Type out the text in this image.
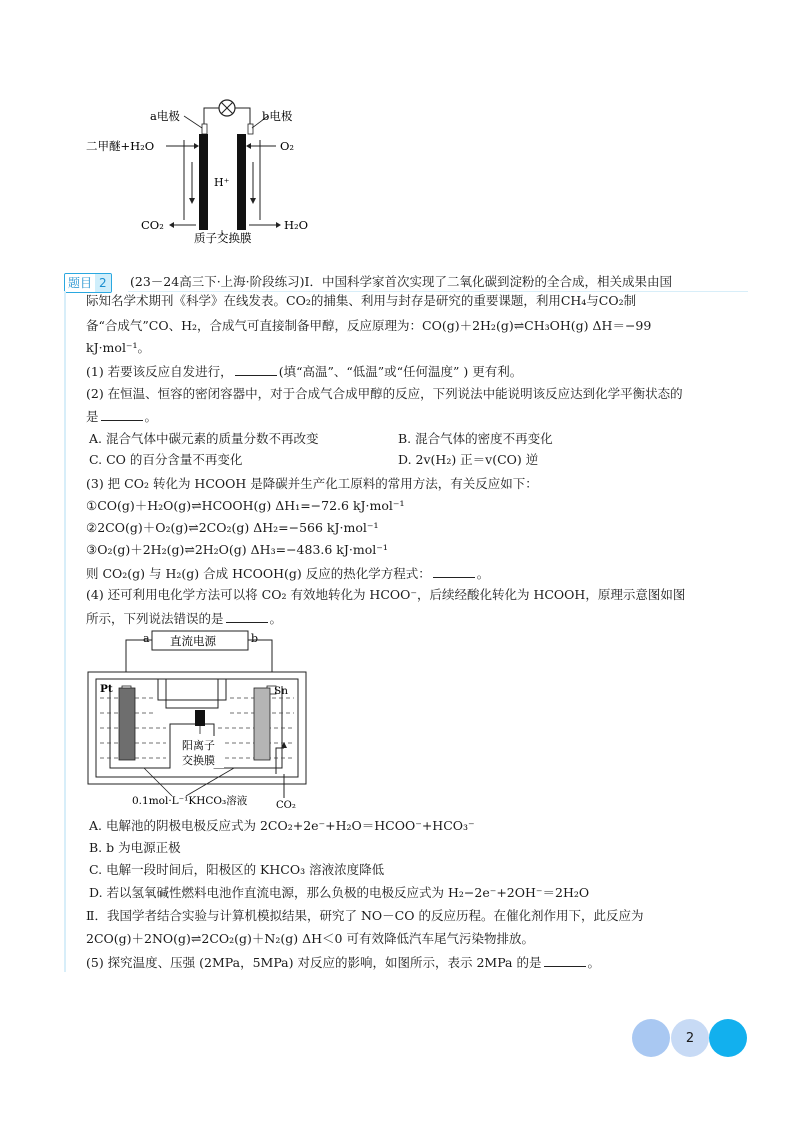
a电极	b电极
二甲醚+H₂O	O₂
H⁺
CO₂	H₂O
质子交换膜
题目 2	(23－24高三下·上海·阶段练习)I．中国科学家首次实现了二氧化碳到淀粉的全合成，相关成果由国
际知名学术期刊《科学》在线发表。CO₂的捕集、利用与封存是研究的重要课题，利用CH₄与CO₂制
备“合成气”CO、H₂，合成气可直接制备甲醇，反应原理为：CO(g)＋2H₂(g)⇌CH₃OH(g) ΔH＝−99
kJ·mol⁻¹。
(1) 若要该反应自发进行，	(填“高温”、“低温”或“任何温度” ) 更有利。
(2) 在恒温、恒容的密闭容器中，对于合成气合成甲醇的反应，下列说法中能说明该反应达到化学平衡状态的
是	。
A. 混合气体中碳元素的质量分数不再改变	B. 混合气体的密度不再变化
C. CO 的百分含量不再变化	D. 2v(H₂) 正＝v(CO) 逆
(3) 把 CO₂ 转化为 HCOOH 是降碳并生产化工原料的常用方法，有关反应如下：
①CO(g)＋H₂O(g)⇌HCOOH(g) ΔH₁=−72.6 kJ·mol⁻¹
②2CO(g)＋O₂(g)⇌2CO₂(g) ΔH₂=−566 kJ·mol⁻¹
③O₂(g)＋2H₂(g)⇌2H₂O(g) ΔH₃=−483.6 kJ·mol⁻¹
则 CO₂(g) 与 H₂(g) 合成 HCOOH(g) 反应的热化学方程式：	。
(4) 还可利用电化学方法可以将 CO₂ 有效地转化为 HCOO⁻，后续经酸化转化为 HCOOH，原理示意图如图
所示，下列说法错误的是	。
直流电源
a	b
Pt	Sn
阳离子
交换膜
0.1mol·L⁻¹KHCO₃溶液	CO₂
A. 电解池的阴极电极反应式为 2CO₂+2e⁻+H₂O＝HCOO⁻+HCO₃⁻
B. b 为电源正极
C. 电解一段时间后，阳极区的 KHCO₃ 溶液浓度降低
D. 若以氢氧碱性燃料电池作直流电源，那么负极的电极反应式为 H₂−2e⁻+2OH⁻＝2H₂O
Ⅱ．我国学者结合实验与计算机模拟结果，研究了 NO－CO 的反应历程。在催化剂作用下，此反应为
2CO(g)＋2NO(g)⇌2CO₂(g)＋N₂(g) ΔH＜0 可有效降低汽车尾气污染物排放。
(5) 探究温度、压强 (2MPa，5MPa) 对反应的影响，如图所示，表示 2MPa 的是	。
2
